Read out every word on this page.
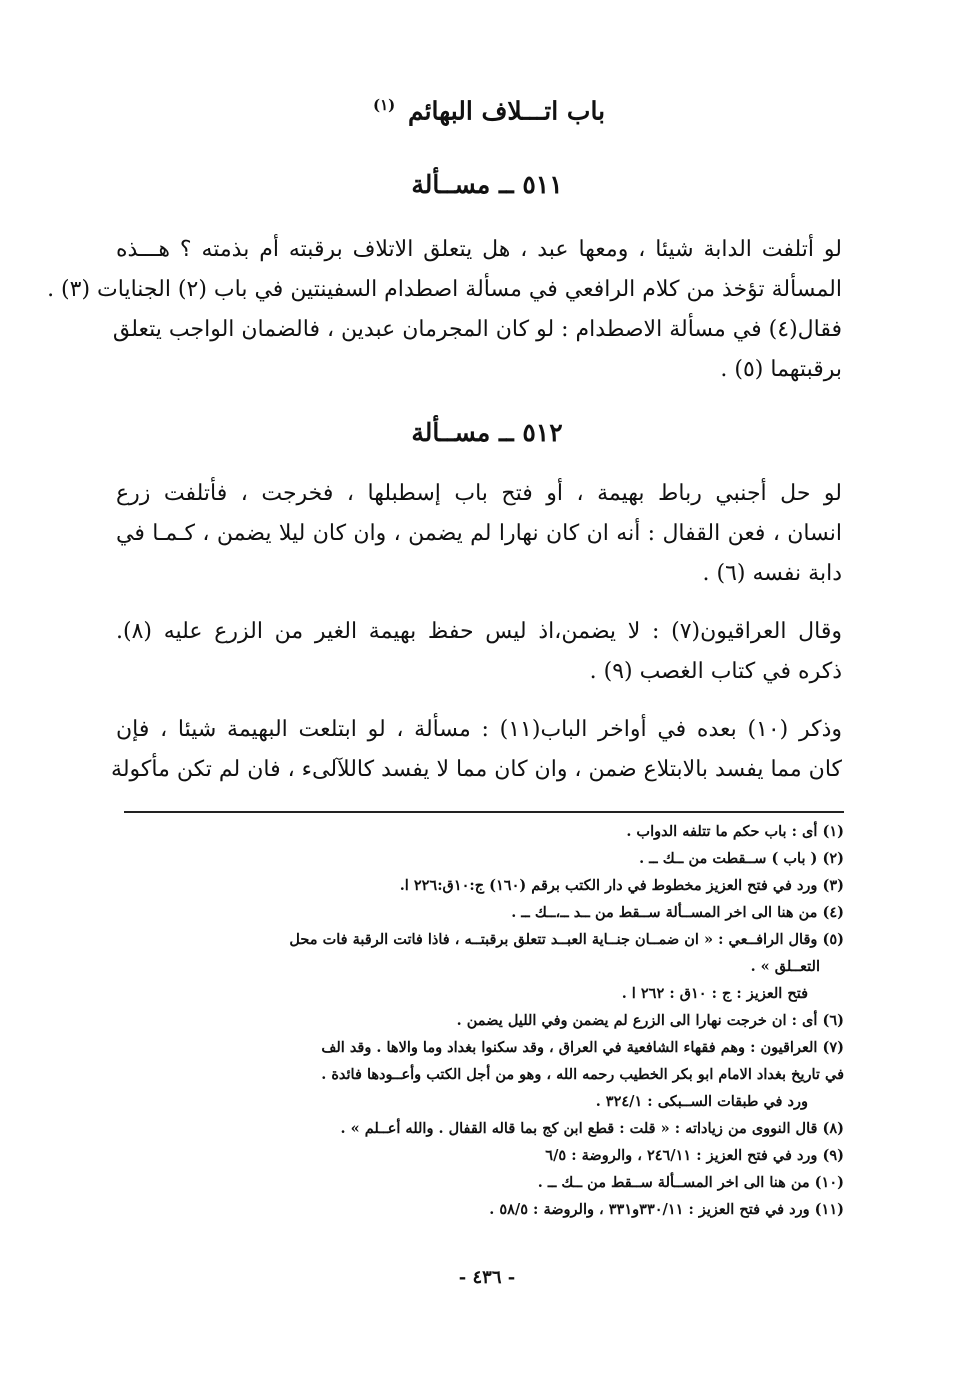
باب اتـــلاف البهائم $^{(١)}$
٥١١ ــ مســألة
لو أتلفت الدابة شيئا ، ومعها عبد ، هل يتعلق الاتلاف برقبته أم بذمته ؟ هـــذه
المسألة تؤخذ من كلام الرافعي في مسألة اصطدام السفينتين في باب (٢) الجنايات (٣) .
فقال(٤) في مسألة الاصطدام : لو كان المجرمان عبدين ، فالضمان الواجب يتعلق
برقبتهما (٥) .
٥١٢ ــ مســألة
لو حل أجنبي رباط بهيمة ، أو فتح باب إسطبلها ، فخرجت ، فأتلفت زرع
انسان ، فعن القفال : أنه ان كان نهارا لم يضمن ، وان كان ليلا يضمن ، كـمـا في
دابة نفسه (٦) .
وقال العراقيون(٧) : لا يضمن،اذ ليس حفظ بهيمة الغير من الزرع عليه (٨).
ذكره في كتاب الغصب (٩) .
وذكر (١٠) بعده في أواخر الباب(١١) : مسألة ، لو ابتلعت البهيمة شيئا ، فإن
كان مما يفسد بالابتلاع ضمن ، وان كان مما لا يفسد كاللآلىء ، فان لم تكن مأكولة
(١) أى : باب حكم ما تتلفه الدواب .
(٢) ( باب ) ســقطت من ــك ــ .
(٣) ورد في فتح العزيز مخطوط في دار الكتب برقم (١٦٠) ج:١٠ق:٢٢٦ ا.
(٤) من هنا الى اخر المســألة ســقط من ــد ــ،ــك ــ .
(٥) وقال الرافــعي : « ان ضمــان جنــاية العبــد تتعلق برقبتــه ، فاذا فاتت الرقبة فات محل
التعــلق » .
فتح العزيز : ج : ١٠ق : ٢٦٢ ا .
(٦) أى : ان خرجت نهارا الى الزرع لم يضمن وفي الليل يضمن .
(٧) العراقيون : وهم فقهاء الشافعية في العراق ، وقد سكنوا بغداد وما والاها . وقد الف
في تاريخ بغداد الامام ابو بكر الخطيب رحمه الله ، وهو من أجل الكتب وأعــودها فائدة .
ورد في طبقات الســبكى : ٣٢٤/١ .
(٨) قال النووى من زياداته : « قلت : قطع ابن كج بما قاله القفال . والله أعــلم » .
(٩) ورد في فتح العزيز : ٢٤٦/١١ ، والروضة : ٦/٥
(١٠) من هنا الى اخر المســألة ســقط من ــك ــ .
(١١) ورد في فتح العزيز : ٣٣٠/١١و٣٣١ ، والروضة : ٥٨/٥ .
- ٤٣٦ -
